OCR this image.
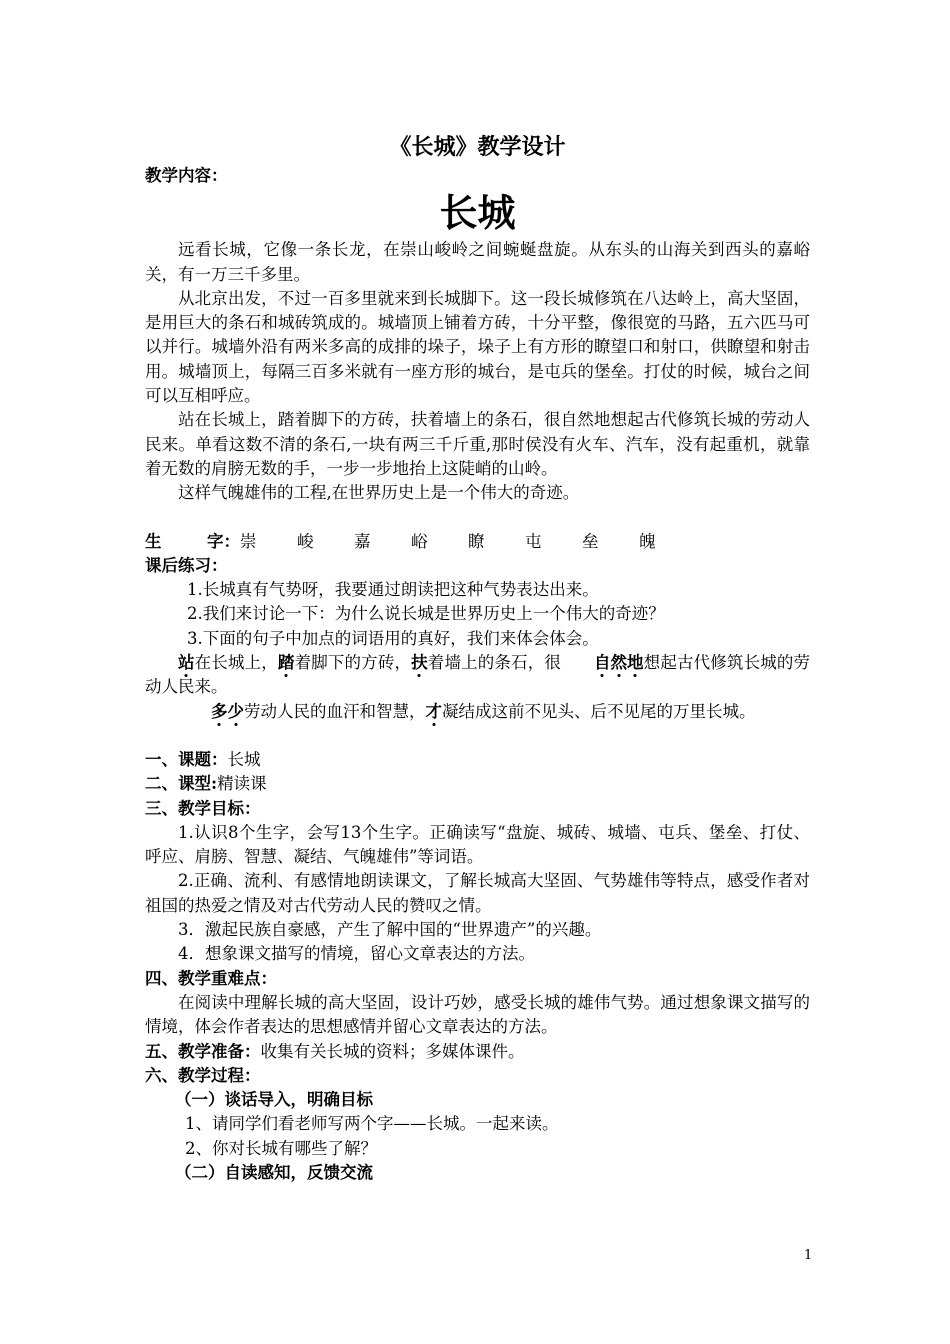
《长城》教学设计
教学内容：
长城

远看长城，它像一条长龙，在崇山峻岭之间蜿蜒盘旋。从东头的山海关到西头的嘉峪关，有一万三千多里。

从北京出发，不过一百多里就来到长城脚下。这一段长城修筑在八达岭上，高大坚固，是用巨大的条石和城砖筑成的。城墙顶上铺着方砖，十分平整，像很宽的马路，五六匹马可以并行。城墙外沿有两米多高的成排的垛子，垛子上有方形的瞭望口和射口，供瞭望和射击用。城墙顶上，每隔三百多米就有一座方形的城台，是屯兵的堡垒。打仗的时候，城台之间可以互相呼应。

站在长城上，踏着脚下的方砖，扶着墙上的条石，很自然地想起古代修筑长城的劳动人民来。单看这数不清的条石,一块有两三千斤重,那时侯没有火车、汽车，没有起重机，就靠着无数的肩膀无数的手，一步一步地抬上这陡峭的山岭。

这样气魄雄伟的工程,在世界历史上是一个伟大的奇迹。

生	字： 崇	峻	嘉	峪	瞭	屯	垒	魄
课后练习：
1.长城真有气势呀，我要通过朗读把这种气势表达出来。
2.我们来讨论一下：为什么说长城是世界历史上一个伟大的奇迹？
3.下面的句子中加点的词语用的真好，我们来体会体会。

站在长城上，踏着脚下的方砖，扶着墙上的条石，很 自然地想起古代修筑长城的劳动人民来。

多少劳动人民的血汗和智慧，才凝结成这前不见头、后不见尾的万里长城。

一、课题：长城
二、课型:精读课
三、教学目标：

1.认识8个生字，会写13个生字。正确读写“盘旋、城砖、城墙、屯兵、堡垒、打仗、呼应、肩膀、智慧、凝结、气魄雄伟”等词语。

2.正确、流利、有感情地朗读课文，了解长城高大坚固、气势雄伟等特点，感受作者对祖国的热爱之情及对古代劳动人民的赞叹之情。

3．激起民族自豪感，产生了解中国的“世界遗产”的兴趣。

4．想象课文描写的情境，留心文章表达的方法。

四、教学重难点：

在阅读中理解长城的高大坚固，设计巧妙，感受长城的雄伟气势。通过想象课文描写的情境，体会作者表达的思想感情并留心文章表达的方法。

五、教学准备：收集有关长城的资料；多媒体课件。
六、教学过程：
（一）谈话导入，明确目标
1、请同学们看老师写两个字——长城。一起来读。
2、你对长城有哪些了解？
（二）自读感知，反馈交流
1
